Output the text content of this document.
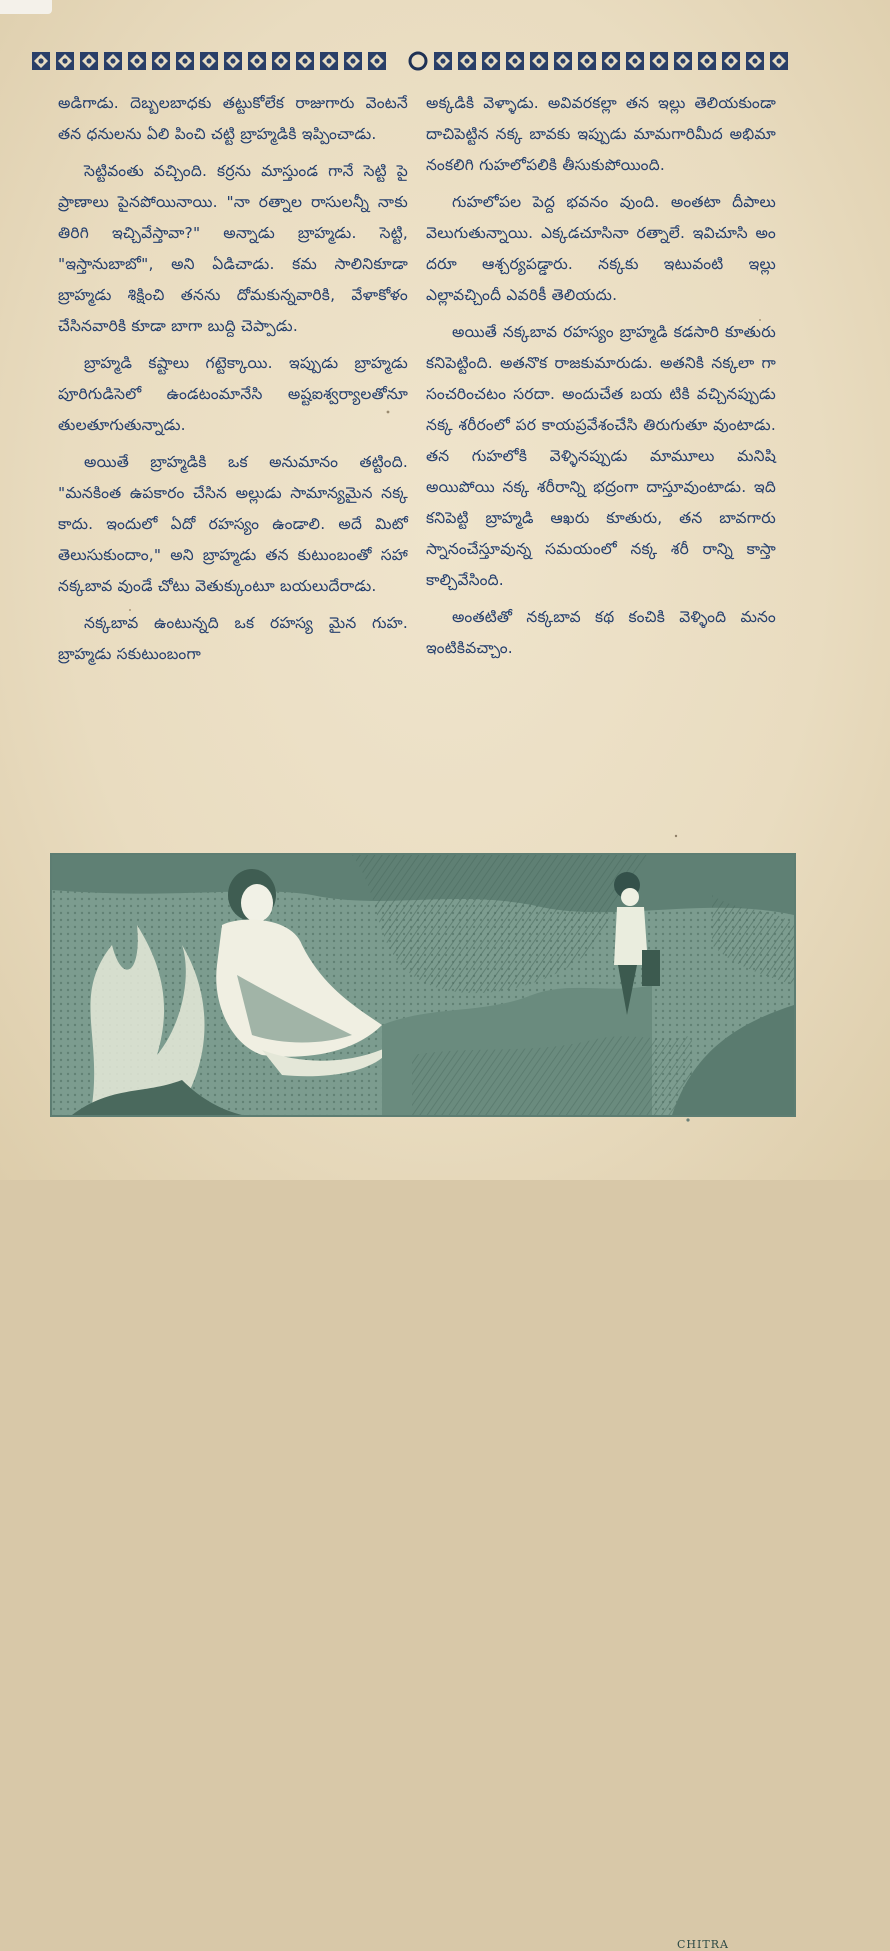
అడిగాడు. దెబ్బలబాధకు తట్టుకోలేక రాజుగారు వెంటనే తన ధనులను ఏలి పించి చట్టి బ్రాహ్మడికి ఇప్పించాడు.

సెట్టివంతు వచ్చింది. కర్రను మాస్తుండ గానే సెట్టి పై ప్రాణాలు పైనపోయినాయి. "నా రత్నాల రాసులన్నీ నాకు తిరిగి ఇచ్చివేస్తావా?" అన్నాడు బ్రాహ్మడు. సెట్టి, "ఇస్తానుబాబో", అని ఏడిచాడు. కమ సాలినికూడా బ్రాహ్మడు శిక్షించి తనను దోమకున్నవారికి, వేళాకోళం చేసినవారికి కూడా బాగా బుద్ది చెప్పాడు.

బ్రాహ్మడి కష్టాలు గట్టెక్కాయి. ఇప్పుడు బ్రాహ్మడు పూరిగుడిసెలో ఉండటంమానేసి అష్టఐశ్వర్యాలతోనూ తులతూగుతున్నాడు.

అయితే బ్రాహ్మడికి ఒక అనుమానం తట్టింది. "మనకింత ఉపకారం చేసిన అల్లుడు సామాన్యమైన నక్క కాదు. ఇందులో ఏదో రహస్యం ఉండాలి. అదే మిటో తెలుసుకుందాం," అని బ్రాహ్మడు తన కుటుంబంతో సహా నక్కబావ వుండే చోటు వెతుక్కుంటూ బయలుదేరాడు.

నక్కబావ ఉంటున్నది ఒక రహస్య మైన గుహ. బ్రాహ్మడు సకుటుంబంగా

అక్కడికి వెళ్ళాడు. అవివరకల్లా తన ఇల్లు తెలియకుండా దాచిపెట్టిన నక్క బావకు ఇప్పుడు మామగారిమీద అభిమా నంకలిగి గుహలోపలికి తీసుకుపోయింది.

గుహలోపల పెద్ద భవనం వుంది. అంతటా దీపాలు వెలుగుతున్నాయి. ఎక్కడచూసినా రత్నాలే. ఇవిచూసి అం దరూ ఆశ్చర్యపడ్డారు. నక్కకు ఇటువంటి ఇల్లు ఎల్లావచ్చిందీ ఎవరికీ తెలియదు.

అయితే నక్కబావ రహస్యం బ్రాహ్మడి కడసారి కూతురు కనిపెట్టింది. అతనొక రాజకుమారుడు. అతనికి నక్కలా గా సంచరించటం సరదా. అందుచేత బయ టికి వచ్చినప్పుడు నక్క శరీరంలో పర కాయప్రవేశంచేసి తిరుగుతూ వుంటాడు. తన గుహలోకి వెళ్ళినప్పుడు మామూలు మనిషి అయిపోయి నక్క శరీరాన్ని భద్రంగా దాస్తూవుంటాడు. ఇది కనిపెట్టి బ్రాహ్మడి ఆఖరు కూతురు, తన బావగారు స్నానంచేస్తూవున్న సమయంలో నక్క శరీ రాన్ని కాస్తా కాల్చివేసింది.

అంతటితో నక్కబావ కథ కంచికి వెళ్ళింది మనం ఇంటికివచ్చాం.

CHITRA
